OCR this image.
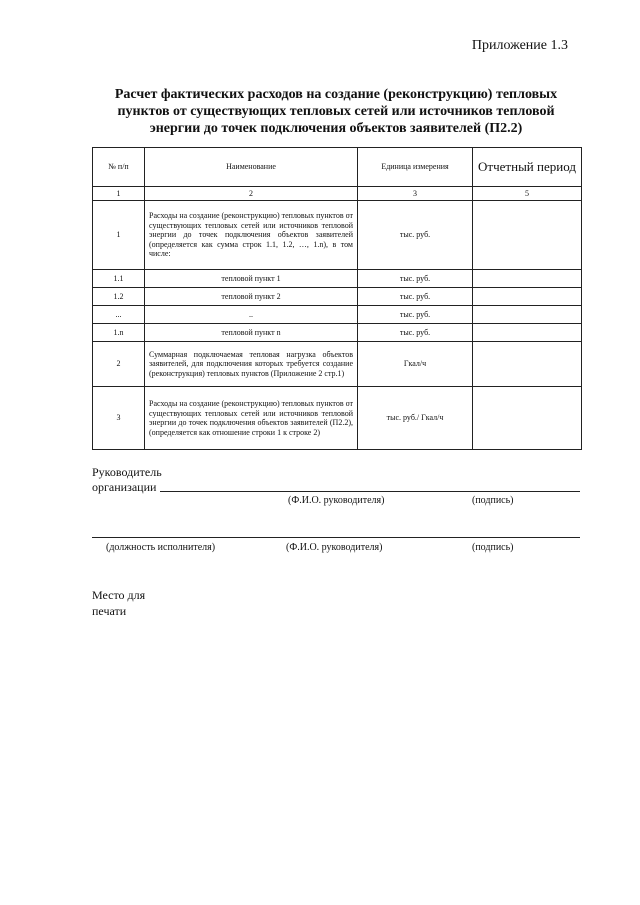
Приложение 1.3
Расчет фактических расходов на создание (реконструкцию) тепловых пунктов от существующих тепловых сетей или источников тепловой энергии до точек подключения объектов заявителей (П2.2)
№ п/п	Наименование	Единица измерения	Отчетный период
1	2	3	5
1	Расходы на создание (реконструкцию) тепловых пунктов от существующих тепловых сетей или источников тепловой энергии до точек подключения объектов заявителей (определяется как сумма строк 1.1, 1.2, …, 1.n), в том числе:	тыс. руб.	
1.1	тепловой пункт 1	тыс. руб.	
1.2	тепловой пункт 2	тыс. руб.	
...	..	тыс. руб.	
1.n	тепловой пункт n	тыс. руб.	
2	Суммарная подключаемая тепловая нагрузка объектов заявителей, для подключения которых требуется создание (реконструкция) тепловых пунктов (Приложение 2 стр.1)	Гкал/ч	
3	Расходы на создание (реконструкцию) тепловых пунктов от существующих тепловых сетей или источников тепловой энергии до точек подключения объектов заявителей (П2.2), (определяется как отношение строки 1 к строке 2)	тыс. руб./ Гкал/ч	
Руководитель
организации
(Ф.И.О. руководителя)	(подпись)
(должность исполнителя)	(Ф.И.О. руководителя)	(подпись)
Место для
печати
